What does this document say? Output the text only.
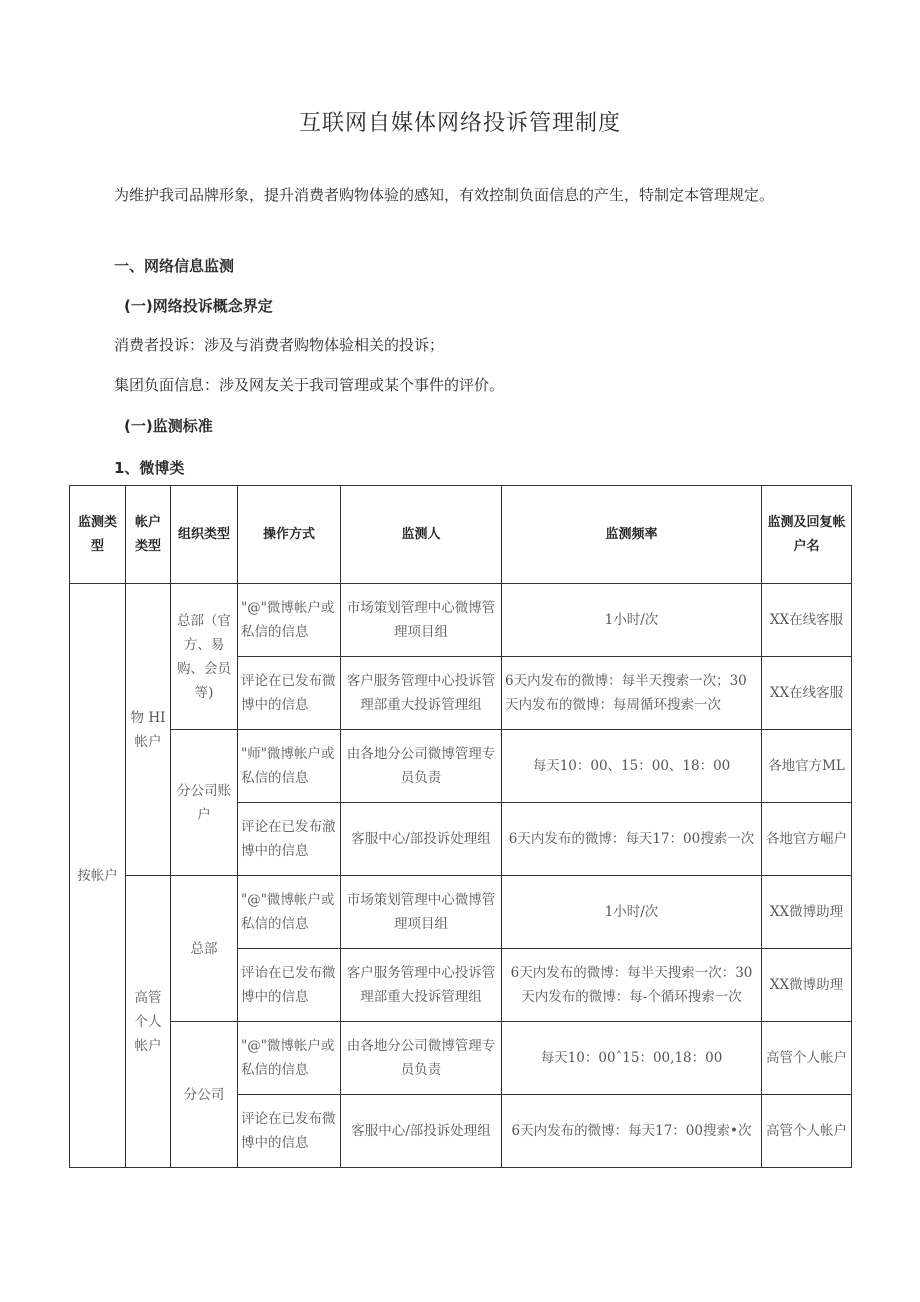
互联网自媒体网络投诉管理制度
为维护我司品牌形象，提升消费者购物体验的感知，有效控制负面信息的产生，特制定本管理规定。
一、网络信息监测
(一)网络投诉概念界定
消费者投诉：涉及与消费者购物体验相关的投诉；
集团负面信息：涉及网友关于我司管理或某个事件的评价。
(一)监测标准
1、微博类
监测类型	帐户类型	组织类型	操作方式	监测人	监测频率	监测及回复帐户名
按帐户	物 HI 帐户	总部（官方、易购、会员等)	"@"微博帐户或私信的信息	市场策划管理中心微博管理项目组	1小时/次	XX在线客服
			评论在已发布微博中的信息	客户服务管理中心投诉管理部重大投诉管理组	6天内发布的微博：每半天搜索一次；30天内发布的微博：每周循环搜索一次	XX在线客服
		分公司账户	"师"微博帐户或私信的信息	由各地分公司微博管理专员负责	每天10：00、15：00、18：00	各地官方ML
			评论在已发布澈博中的信息	客服中心/部投诉处理组	6天内发布的微博：每天17：00搜索一次	各地官方崛户
	高管个人帐户	总部	"@"微博帐户或私信的信息	市场策划管理中心微博管理项目组	1小时/次	XX微博助理
			评诒在已发布微博中的信息	客户服务管理中心投诉管理部重大投诉管理组	6天内发布的微博：每半天搜索一次：30天内发布的微博：每-个循环搜索一次	XX微博助理
		分公司	"@"微博帐户或私信的信息	由各地分公司微博管理专员负责	每天10：00ˆ15：00,18：00	高管个人帐户
			评论在已发布微博中的信息	客服中心/部投诉处理组	6天内发布的微博：每天17：00搜索•次	高管个人帐户
